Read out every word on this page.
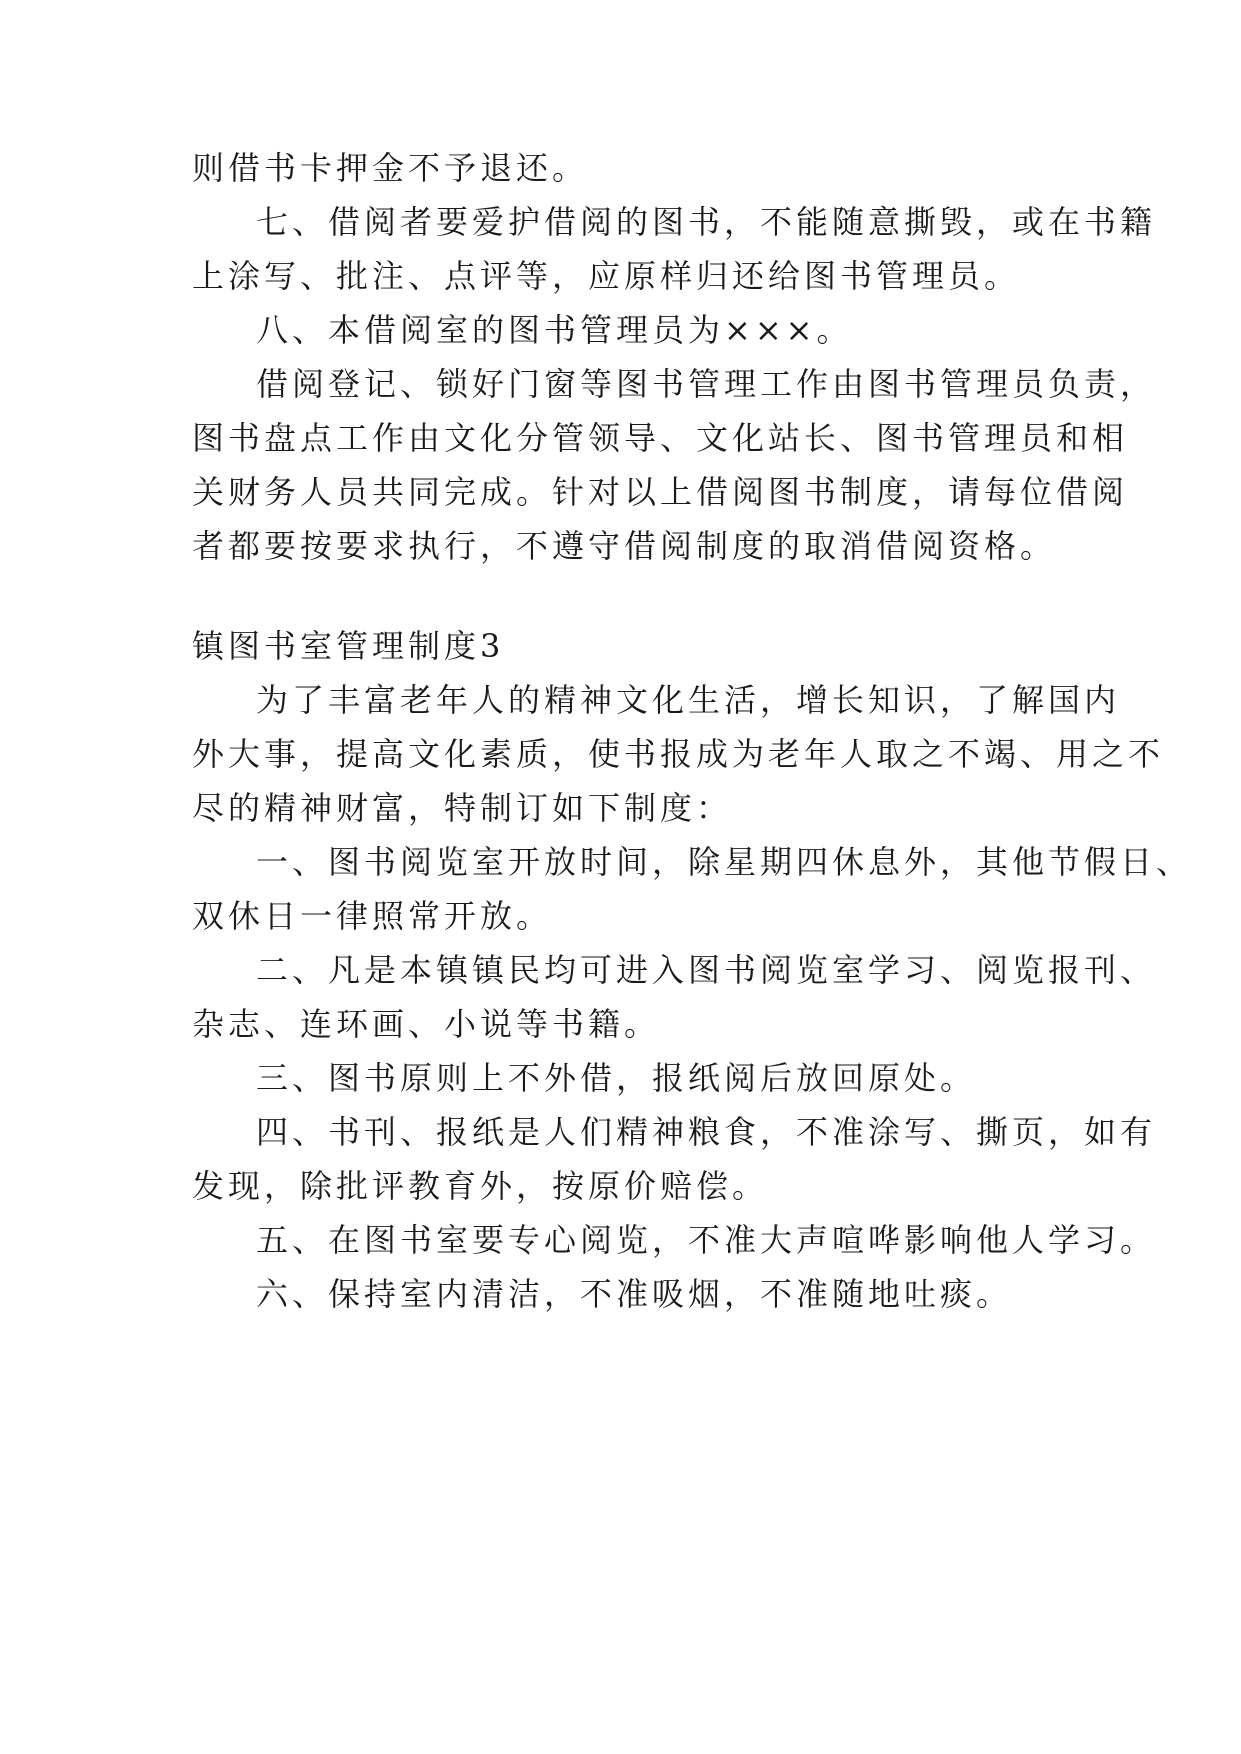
则借书卡押金不予退还。
七、借阅者要爱护借阅的图书，不能随意撕毁，或在书籍
上涂写、批注、点评等，应原样归还给图书管理员。
八、本借阅室的图书管理员为×××。
借阅登记、锁好门窗等图书管理工作由图书管理员负责，
图书盘点工作由文化分管领导、文化站长、图书管理员和相
关财务人员共同完成。针对以上借阅图书制度，请每位借阅
者都要按要求执行，不遵守借阅制度的取消借阅资格。
镇图书室管理制度3
为了丰富老年人的精神文化生活，增长知识，了解国内
外大事，提高文化素质，使书报成为老年人取之不竭、用之不
尽的精神财富，特制订如下制度：
一、图书阅览室开放时间，除星期四休息外，其他节假日、
双休日一律照常开放。
二、凡是本镇镇民均可进入图书阅览室学习、阅览报刊、
杂志、连环画、小说等书籍。
三、图书原则上不外借，报纸阅后放回原处。
四、书刊、报纸是人们精神粮食，不准涂写、撕页，如有
发现，除批评教育外，按原价赔偿。
五、在图书室要专心阅览，不准大声喧哗影响他人学习。
六、保持室内清洁，不准吸烟，不准随地吐痰。
